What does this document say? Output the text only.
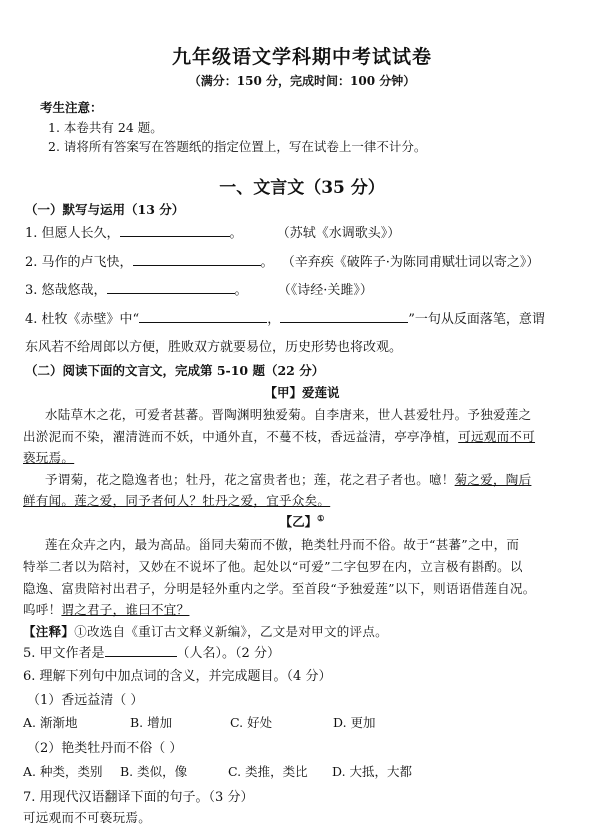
九年级语文学科期中考试试卷
（满分：150 分，完成时间：100 分钟）
考生注意：
1. 本卷共有 24 题。
2. 请将所有答案写在答题纸的指定位置上，写在试卷上一律不计分。
一、文言文（35 分）
（一）默写与运用（13 分）
1. 但愿人长久，	。	（苏轼《水调歌头》）
2. 马作的卢飞快，	。 （辛弃疾《破阵子·为陈同甫赋壮词以寄之》）
3. 悠哉悠哉，	。 （《诗经·关雎》）
4. 杜牧《赤壁》中“	，	”一句从反面落笔，意谓
东风若不给周郎以方便，胜败双方就要易位，历史形势也将改观。
（二）阅读下面的文言文，完成第 5-10 题（22 分）
【甲】爱莲说
水陆草木之花，可爱者甚蕃。晋陶渊明独爱菊。自李唐来，世人甚爱牡丹。予独爱莲之
出淤泥而不染，濯清涟而不妖，中通外直，不蔓不枝，香远益清，亭亭净植，可远观而不可
亵玩焉。
予谓菊，花之隐逸者也；牡丹，花之富贵者也；莲，花之君子者也。噫！菊之爱，陶后
鲜有闻。莲之爱，同予者何人？牡丹之爱，宜乎众矣。
【乙】①
莲在众卉之内，最为高品。甾同夫菊而不傲，艳类牡丹而不俗。故于“甚蕃”之中，而
特举二者以为陪衬，又妙在不说坏了他。起处以“可爱”二字包罗在内，立言极有斟酌。以
隐逸、富贵陪衬出君子，分明是轻外重内之学。至首段“予独爱莲”以下，则语语借莲自况。
呜呼！谓之君子，谁曰不宜？
【注释】①改选自《重订古文释义新编》，乙文是对甲文的评点。
5. 甲文作者是	（人名）。（2 分）
6. 理解下列句中加点词的含义，并完成题目。（4 分）
（1）香远益清（ ）
A. 渐渐地	B. 增加	C. 好处	D. 更加
（2）艳类牡丹而不俗（ ）
A. 种类，类别 B. 类似，像	C. 类推，类比 D. 大抵，大都
7. 用现代汉语翻译下面的句子。（3 分）
可远观而不可亵玩焉。
